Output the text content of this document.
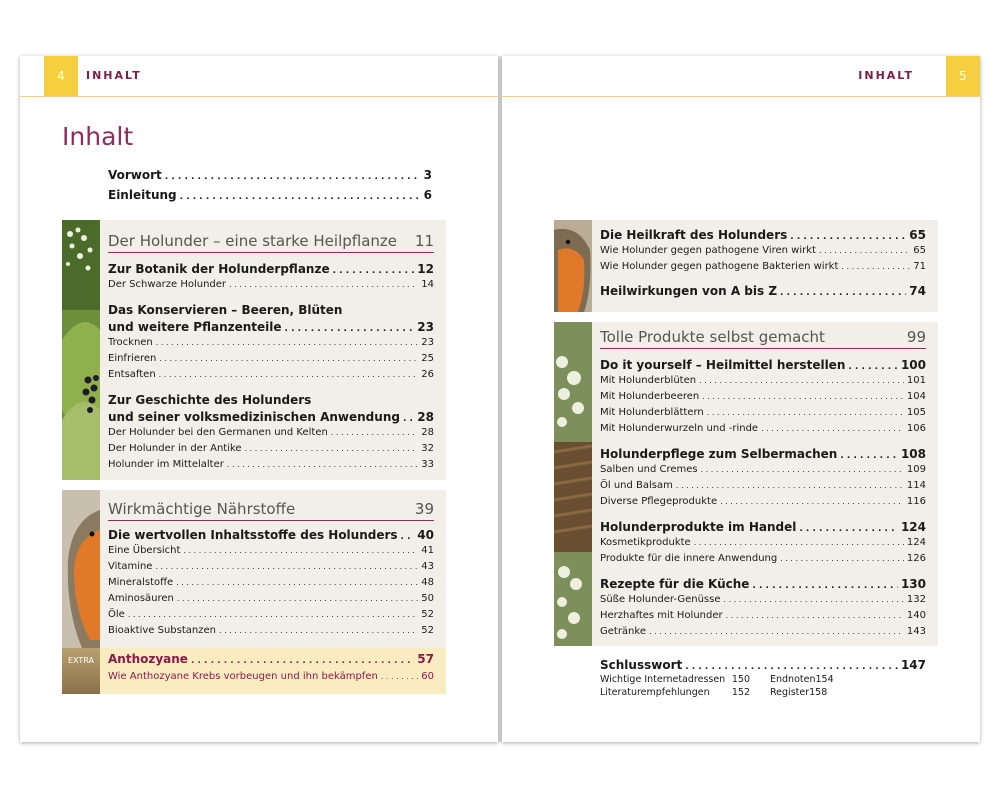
4	INHALT
Inhalt
Vorwort . . .	3
Einleitung . . .	6
Der Holunder – eine starke Heilpflanze 11
Zur Botanik der Holunderpflanze . . .	12
Der Schwarze Holunder . . .	14
Das Konservieren – Beeren, Blüten
und weitere Pflanzenteile . . .	23
Trocknen . . .	23
Einfrieren . . .	25
Entsaften . . .	26
Zur Geschichte des Holunders
und seiner volksmedizinischen Anwendung . . . 28
Der Holunder bei den Germanen und Kelten . . .	28
Der Holunder in der Antike . . .	32
Holunder im Mittelalter . . .	33
Wirkmächtige Nährstoffe	39
Die wertvollen Inhaltsstoffe des Holunders . . . 40
Eine Übersicht . . .	41
Vitamine . . .	43
Mineralstoffe . . .	48
Aminosäuren . . .	50
Öle . . .	52
Bioaktive Substanzen . . .	52
EXTRA	Anthozyane . . .	57
Wie Anthozyane Krebs vorbeugen und ihn bekämpfen . . .	60
INHALT	5
Die Heilkraft des Holunders . . .	65
Wie Holunder gegen pathogene Viren wirkt . . .	65
Wie Holunder gegen pathogene Bakterien wirkt . . .	71
Heilwirkungen von A bis Z . . .	74
Tolle Produkte selbst gemacht	99
Do it yourself – Heilmittel herstellen . . .	100
Mit Holunderblüten . . .	101
Mit Holunderbeeren . . .	104
Mit Holunderblättern . . .	105
Mit Holunderwurzeln und -rinde . . .	106
Holunderpflege zum Selbermachen . . .	108
Salben und Cremes . . .	109
Öl und Balsam . . .	114
Diverse Pflegeprodukte . . .	116
Holunderprodukte im Handel . . .	124
Kosmetikprodukte . . .	124
Produkte für die innere Anwendung . . .	126
Rezepte für die Küche . . .	130
Süße Holunder-Genüsse . . .	132
Herzhaftes mit Holunder . . .	140
Getränke . . .	143
Schlusswort . . .	147
Wichtige Internetadressen 150 Endnoten 154
Literaturempfehlungen 152 Register 158
